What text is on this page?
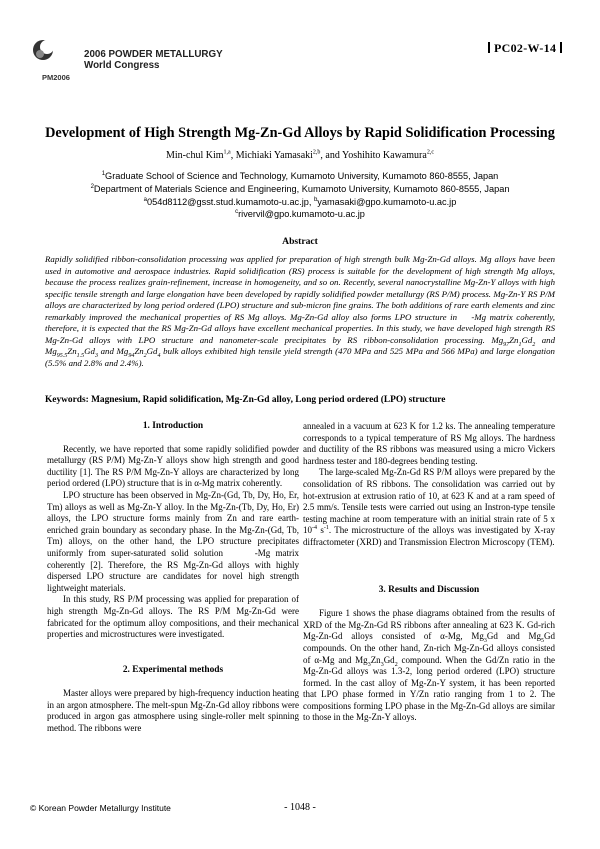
PM2006
2006 POWDER METALLURGY
World Congress
PC02-W-14
Development of High Strength Mg-Zn-Gd Alloys by Rapid Solidification Processing
Min-chul Kim$^{1,a}$, Michiaki Yamasaki$^{2,b}$, and Yoshihito Kawamura$^{2,c}$
$^1$Graduate School of Science and Technology, Kumamoto University, Kumamoto 860-8555, Japan
$^2$Department of Materials Science and Engineering, Kumamoto University, Kumamoto 860-8555, Japan
$^a$054d8112@gsst.stud.kumamoto-u.ac.jp, $^b$yamasaki@gpo.kumamoto-u.ac.jp
$^c$rivervil@gpo.kumamoto-u.ac.jp
Abstract

Rapidly solidified ribbon-consolidation processing was applied for preparation of high strength bulk Mg-Zn-Gd alloys. Mg alloys have been used in automotive and aerospace industries. Rapid solidification (RS) process is suitable for the development of high strength Mg alloys, because the process realizes grain-refinement, increase in homogeneity, and so on. Recently, several nanocrystalline Mg-Zn-Y alloys with high specific tensile strength and large elongation have been developed by rapidly solidified powder metallurgy (RS P/M) process. Mg-Zn-Y RS P/M alloys are characterized by long period ordered (LPO) structure and sub-micron fine grains. The both additions of rare earth elements and zinc remarkably improved the mechanical properties of RS Mg alloys. Mg-Zn-Gd alloy also forms LPO structure in    -Mg matrix coherently, therefore, it is expected that the RS Mg-Zn-Gd alloys have excellent mechanical properties. In this study, we have developed high strength RS Mg-Zn-Gd alloys with LPO structure and nanometer-scale precipitates by RS ribbon-consolidation processing. $Mg_{97}Zn_1Gd_2$ and $Mg_{95.5}Zn_{1.5}Gd_3$ and $Mg_{94}Zn_2Gd_4$ bulk alloys exhibited high tensile yield strength (470 MPa and 525 MPa and 566 MPa) and large elongation (5.5% and 2.8% and 2.4%).

Keywords: Magnesium, Rapid solidification, Mg-Zn-Gd alloy, Long period ordered (LPO) structure
1. Introduction

Recently, we have reported that some rapidly solidified powder metallurgy (RS P/M) Mg-Zn-Y alloys show high strength and good ductility [1]. The RS P/M Mg-Zn-Y alloys are characterized by long period ordered (LPO) structure that is in α-Mg matrix coherently.

LPO structure has been observed in Mg-Zn-(Gd, Tb, Dy, Ho, Er, Tm) alloys as well as Mg-Zn-Y alloy. In the Mg-Zn-(Tb, Dy, Ho, Er) alloys, the LPO structure forms mainly from Zn and rare earth-enriched grain boundary as secondary phase. In the Mg-Zn-(Gd, Tb, Tm) alloys, on the other hand, the LPO structure precipitates uniformly from super-saturated solid solution      -Mg matrix coherently [2]. Therefore, the RS Mg-Zn-Gd alloys with highly dispersed LPO structure are candidates for novel high strength lightweight materials.

In this study, RS P/M processing was applied for preparation of high strength Mg-Zn-Gd alloys. The RS P/M Mg-Zn-Gd were fabricated for the optimum alloy compositions, and their mechanical properties and microstructures were investigated.

2. Experimental methods

Master alloys were prepared by high-frequency induction heating in an argon atmosphere. The melt-spun Mg-Zn-Gd alloy ribbons were produced in argon gas atmosphere using single-roller melt spinning method. The ribbons were

annealed in a vacuum at 623 K for 1.2 ks. The annealing temperature corresponds to a typical temperature of RS Mg alloys. The hardness and ductility of the RS ribbons was measured using a micro Vickers hardness tester and 180-degrees bending testing.

The large-scaled Mg-Zn-Gd RS P/M alloys were prepared by the consolidation of RS ribbons. The consolidation was carried out by hot-extrusion at extrusion ratio of 10, at 623 K and at a ram speed of 2.5 mm/s. Tensile tests were carried out using an Instron-type tensile testing machine at room temperature with an initial strain rate of 5 x $10^{-4}$ $s^{-1}$. The microstructure of the alloys was investigated by X-ray diffractometer (XRD) and Transmission Electron Microscopy (TEM).

3. Results and Discussion

Figure 1 shows the phase diagrams obtained from the results of XRD of the Mg-Zn-Gd RS ribbons after annealing at 623 K. Gd-rich Mg-Zn-Gd alloys consisted of α-Mg, $Mg_3Gd$ and $Mg_5Gd$ compounds. On the other hand, Zn-rich Mg-Zn-Gd alloys consisted of α-Mg and $Mg_3Zn_3Gd_2$ compound. When the Gd/Zn ratio in the Mg-Zn-Gd alloys was 1.3-2, long period ordered (LPO) structure formed. In the cast alloy of Mg-Zn-Y system, it has been reported that LPO phase formed in Y/Zn ratio ranging from 1 to 2. The compositions forming LPO phase in the Mg-Zn-Gd alloys are similar to those in the Mg-Zn-Y alloys.

© Korean Powder Metallurgy Institute	- 1048 -
